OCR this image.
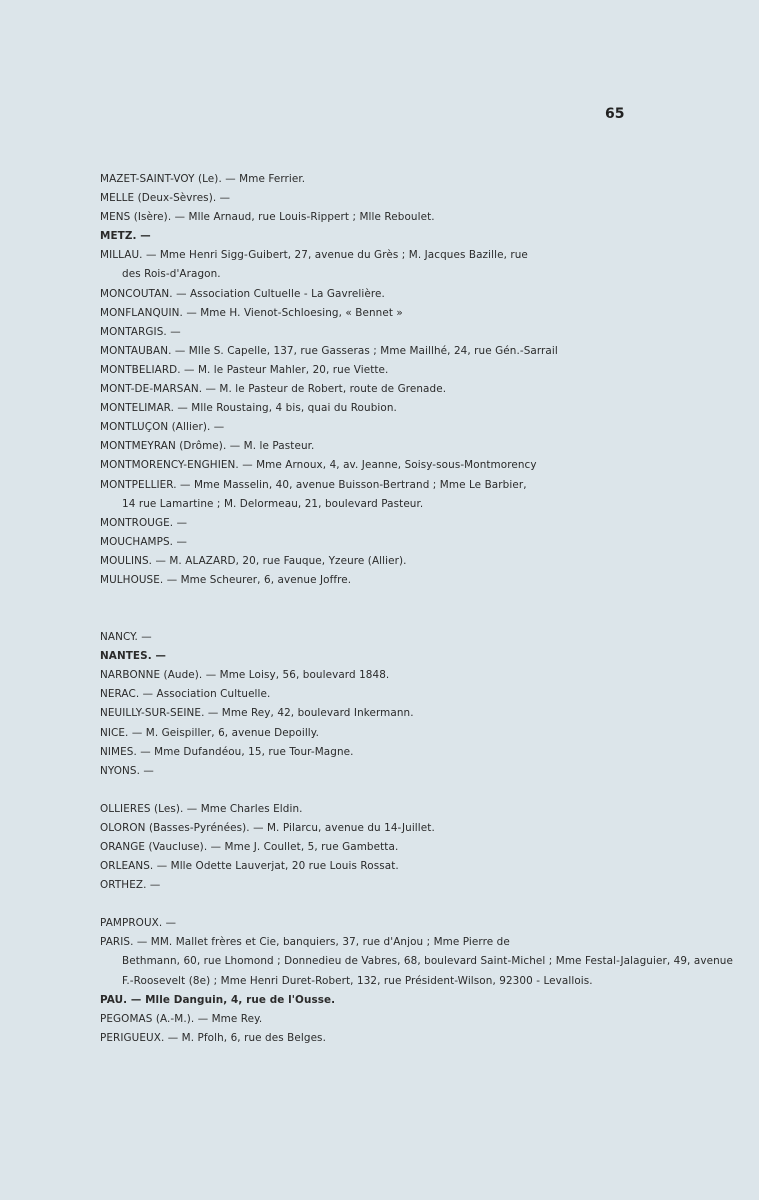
65
MAZET-SAINT-VOY (Le). — Mme Ferrier.
MELLE (Deux-Sèvres). —
MENS (Isère). — Mlle Arnaud, rue Louis-Rippert ; Mlle Reboulet.
METZ. —
MILLAU. — Mme Henri Sigg-Guibert, 27, avenue du Grès ; M. Jacques Bazille, rue
des Rois-d'Aragon.
MONCOUTAN. — Association Cultuelle - La Gavrelière.
MONFLANQUIN. — Mme H. Vienot-Schloesing, « Bennet »
MONTARGIS. —
MONTAUBAN. — Mlle S. Capelle, 137, rue Gasseras ; Mme Maillhé, 24, rue Gén.-Sarrail
MONTBELIARD. — M. le Pasteur Mahler, 20, rue Viette.
MONT-DE-MARSAN. — M. le Pasteur de Robert, route de Grenade.
MONTELIMAR. — Mlle Roustaing, 4 bis, quai du Roubion.
MONTLUÇON (Allier). —
MONTMEYRAN (Drôme). — M. le Pasteur.
MONTMORENCY-ENGHIEN. — Mme Arnoux, 4, av. Jeanne, Soisy-sous-Montmorency
MONTPELLIER. — Mme Masselin, 40, avenue Buisson-Bertrand ; Mme Le Barbier,
14 rue Lamartine ; M. Delormeau, 21, boulevard Pasteur.
MONTROUGE. —
MOUCHAMPS. —
MOULINS. — M. ALAZARD, 20, rue Fauque, Yzeure (Allier).
MULHOUSE. — Mme Scheurer, 6, avenue Joffre.
NANCY. —
NANTES. —
NARBONNE (Aude). — Mme Loisy, 56, boulevard 1848.
NERAC. — Association Cultuelle.
NEUILLY-SUR-SEINE. — Mme Rey, 42, boulevard Inkermann.
NICE. — M. Geispiller, 6, avenue Depoilly.
NIMES. — Mme Dufandéou, 15, rue Tour-Magne.
NYONS. —
OLLIERES (Les). — Mme Charles Eldin.
OLORON (Basses-Pyrénées). — M. Pilarcu, avenue du 14-Juillet.
ORANGE (Vaucluse). — Mme J. Coullet, 5, rue Gambetta.
ORLEANS. — Mlle Odette Lauverjat, 20 rue Louis Rossat.
ORTHEZ. —
PAMPROUX. —
PARIS. — MM. Mallet frères et Cie, banquiers, 37, rue d'Anjou ; Mme Pierre de
Bethmann, 60, rue Lhomond ; Donnedieu de Vabres, 68, boulevard Saint-Michel ; Mme Festal-Jalaguier, 49, avenue F.-Roosevelt (8e) ; Mme Henri Duret-Robert, 132, rue Président-Wilson, 92300 - Levallois.
PAU. — Mlle Danguin, 4, rue de l'Ousse.
PEGOMAS (A.-M.). — Mme Rey.
PERIGUEUX. — M. Pfolh, 6, rue des Belges.
